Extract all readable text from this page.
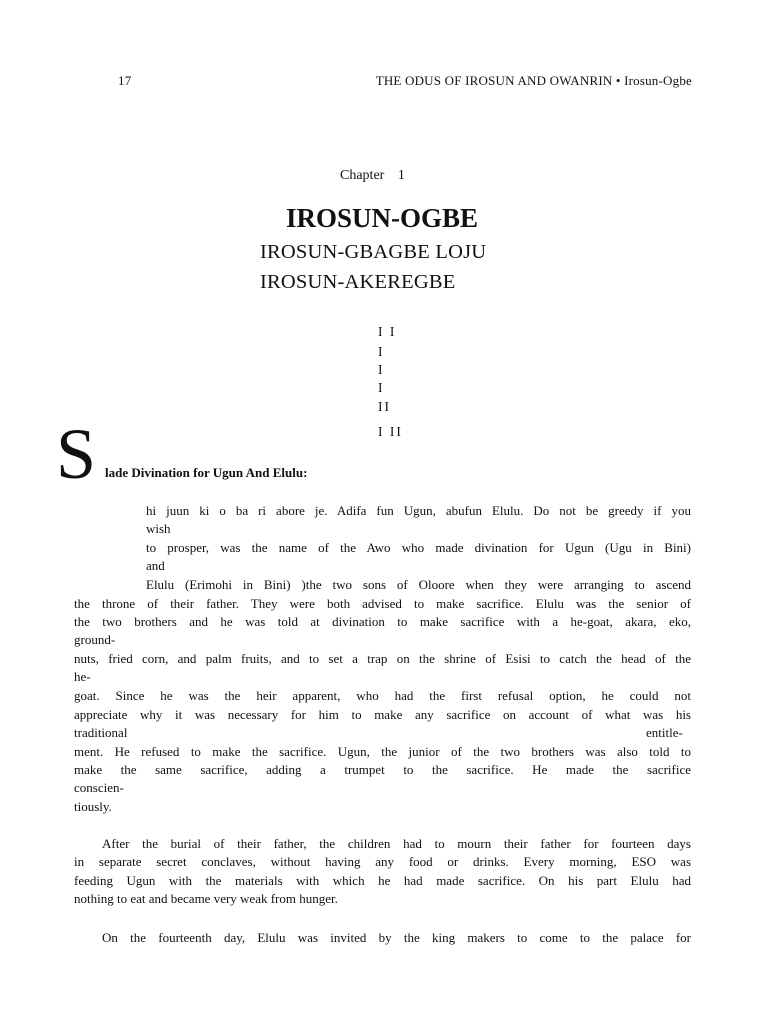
17	THE ODUS OF IROSUN AND OWANRIN • Irosun-Ogbe
Chapter 1
IROSUN-OGBE
IROSUN-GBAGBE LOJU
IROSUN-AKEREGBE
I I
I
I
I
II
I II
S lade Divination for Ugun And Elulu:
hi juun ki o ba ri abore je. Adifa fun Ugun, abufun Elulu. Do not be greedy if you
wish
to prosper, was the name of the Awo who made divination for Ugun (Ugu in Bini)
and
Elulu (Erimohi in Bini) )the two sons of Oloore when they were arranging to ascend
the throne of their father. They were both advised to make sacrifice. Elulu was the senior of
the two brothers and he was told at divination to make sacrifice with a he-goat, akara, eko,
ground-
nuts, fried corn, and palm fruits, and to set a trap on the shrine of Esisi to catch the head of the
he-
goat. Since he was the heir apparent, who had the first refusal option, he could not
appreciate why it was necessary for him to make any sacrifice on account of what was his
traditional	entitle-
ment. He refused to make the sacrifice. Ugun, the junior of the two brothers was also told to
make the same sacrifice, adding a trumpet to the sacrifice. He made the sacrifice
conscien-
tiously.
After the burial of their father, the children had to mourn their father for fourteen days
in separate secret conclaves, without having any food or drinks. Every morning, ESO was
feeding Ugun with the materials with which he had made sacrifice. On his part Elulu had
nothing to eat and became very weak from hunger.
On the fourteenth day, Elulu was invited by the king makers to come to the palace for
